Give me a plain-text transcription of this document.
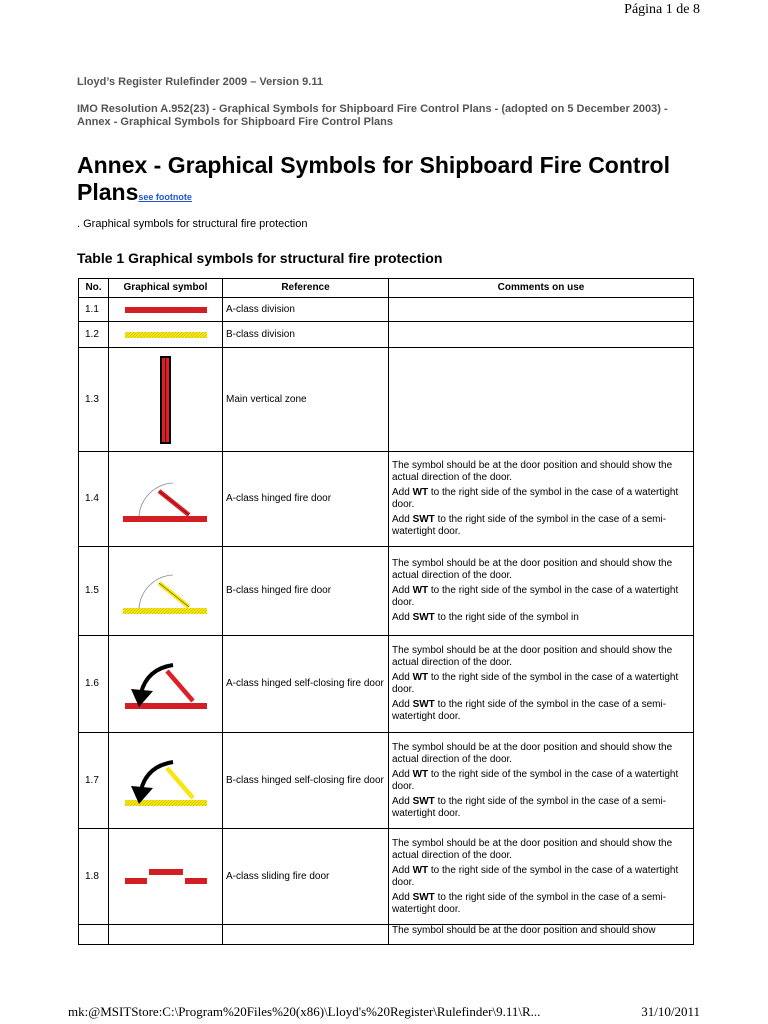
Página 1 de 8
Lloyd’s Register Rulefinder 2009 – Version 9.11
IMO Resolution A.952(23) - Graphical Symbols for Shipboard Fire Control Plans - (adopted on 5 December 2003) -
Annex - Graphical Symbols for Shipboard Fire Control Plans
Annex - Graphical Symbols for Shipboard Fire Control
Planssee footnote
. Graphical symbols for structural fire protection
Table 1 Graphical symbols for structural fire protection
No.	Graphical symbol	Reference	Comments on use
1.1		A-class division	
1.2		B-class division	
1.3		Main vertical zone	
1.4		A-class hinged fire door	The symbol should be at the door position and should show the actual direction of the door.

Add WT to the right side of the symbol in the case of a watertight door.

Add SWT to the right side of the symbol in the case of a semi-watertight door.

1.5		B-class hinged fire door	The symbol should be at the door position and should show the actual direction of the door.

Add WT to the right side of the symbol in the case of a watertight door.

Add SWT to the right side of the symbol in

1.6		A-class hinged self-closing fire door	The symbol should be at the door position and should show the actual direction of the door.

Add WT to the right side of the symbol in the case of a watertight door.

Add SWT to the right side of the symbol in the case of a semi-watertight door.

1.7		B-class hinged self-closing fire door	The symbol should be at the door position and should show the actual direction of the door.

Add WT to the right side of the symbol in the case of a watertight door.

Add SWT to the right side of the symbol in the case of a semi-watertight door.

1.8		A-class sliding fire door	The symbol should be at the door position and should show the actual direction of the door.

Add WT to the right side of the symbol in the case of a watertight door.

Add SWT to the right side of the symbol in the case of a semi-watertight door.

			The symbol should be at the door position and should show

mk:@MSITStore:C:\Program%20Files%20(x86)\Lloyd's%20Register\Rulefinder\9.11\R...	31/10/2011
